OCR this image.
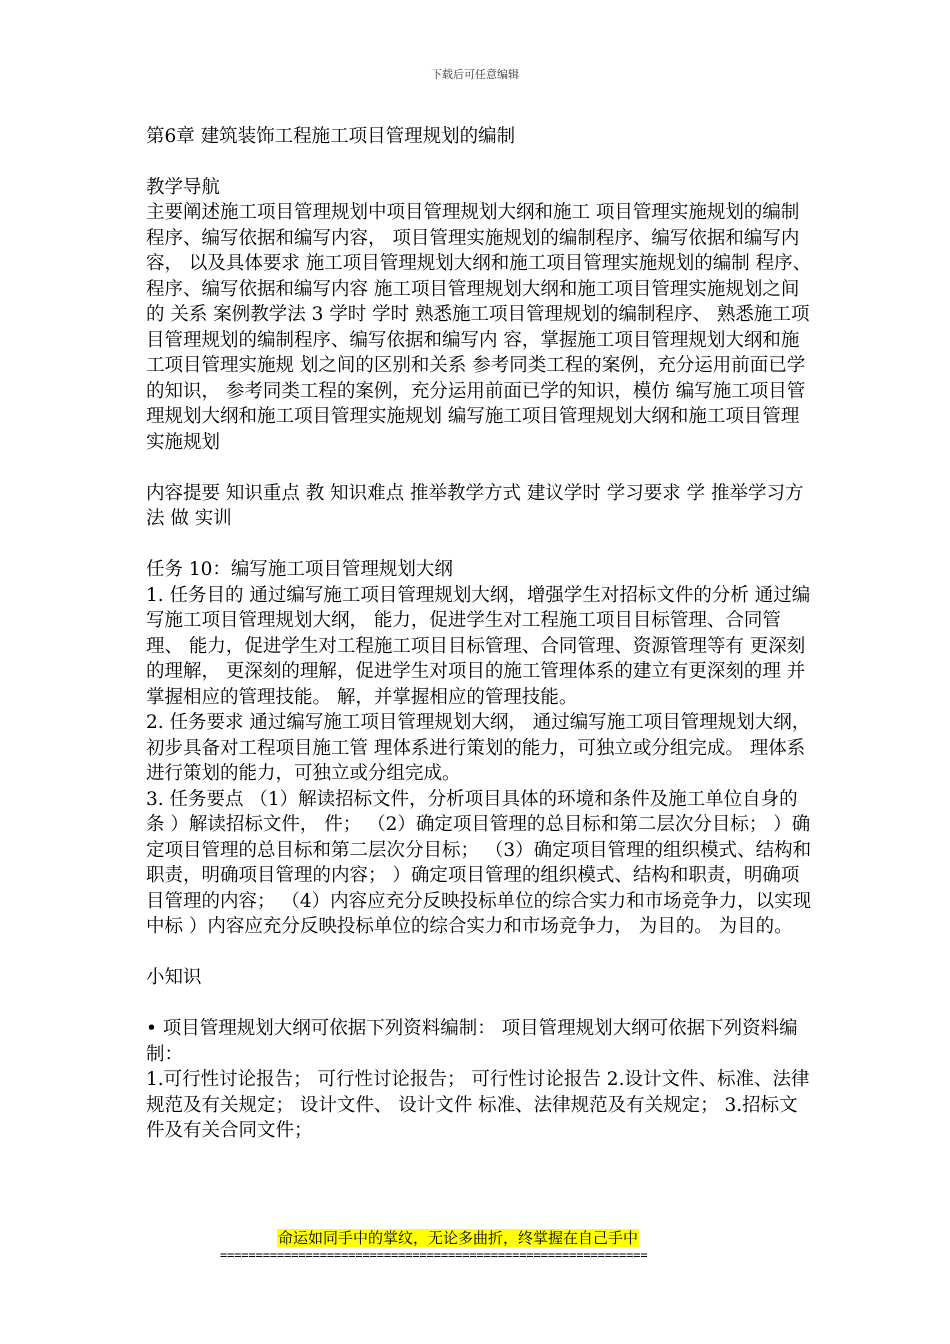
下载后可任意编辑

第6章 建筑装饰工程施工项目管理规划的编制

教学导航

主要阐述施工项目管理规划中项目管理规划大纲和施工 项目管理实施规划的编制程序、编写依据和编写内容， 项目管理实施规划的编制程序、编写依据和编写内容， 以及具体要求 施工项目管理规划大纲和施工项目管理实施规划的编制 程序、 程序、编写依据和编写内容 施工项目管理规划大纲和施工项目管理实施规划之间的 关系 案例教学法 3 学时 学时 熟悉施工项目管理规划的编制程序、 熟悉施工项目管理规划的编制程序、编写依据和编写内 容，掌握施工项目管理规划大纲和施工项目管理实施规 划之间的区别和关系 参考同类工程的案例，充分运用前面已学的知识， 参考同类工程的案例，充分运用前面已学的知识，模仿 编写施工项目管理规划大纲和施工项目管理实施规划 编写施工项目管理规划大纲和施工项目管理实施规划

内容提要 知识重点 教 知识难点 推举教学方式 建议学时 学习要求 学 推举学习方法 做 实训

任务 10：编写施工项目管理规划大纲

1. 任务目的 通过编写施工项目管理规划大纲，增强学生对招标文件的分析 通过编写施工项目管理规划大纲， 能力，促进学生对工程施工项目目标管理、合同管理、 能力，促进学生对工程施工项目目标管理、合同管理、资源管理等有 更深刻的理解， 更深刻的理解，促进学生对项目的施工管理体系的建立有更深刻的理 并掌握相应的管理技能。 解，并掌握相应的管理技能。

2. 任务要求 通过编写施工项目管理规划大纲， 通过编写施工项目管理规划大纲，初步具备对工程项目施工管 理体系进行策划的能力，可独立或分组完成。 理体系进行策划的能力，可独立或分组完成。

3. 任务要点 （1）解读招标文件，分析项目具体的环境和条件及施工单位自身的条 ）解读招标文件， 件； （2）确定项目管理的总目标和第二层次分目标； ）确定项目管理的总目标和第二层次分目标； （3）确定项目管理的组织模式、结构和职责，明确项目管理的内容； ）确定项目管理的组织模式、结构和职责，明确项目管理的内容； （4）内容应充分反映投标单位的综合实力和市场竞争力，以实现中标 ）内容应充分反映投标单位的综合实力和市场竞争力， 为目的。 为目的。

小知识

• 项目管理规划大纲可依据下列资料编制： 项目管理规划大纲可依据下列资料编制：

1.可行性讨论报告； 可行性讨论报告； 可行性讨论报告 2.设计文件、标准、法律规范及有关规定； 设计文件、 设计文件 标准、法律规范及有关规定； 3.招标文件及有关合同文件；

命运如同手中的掌纹，无论多曲折，终掌握在自己手中
============================================================
